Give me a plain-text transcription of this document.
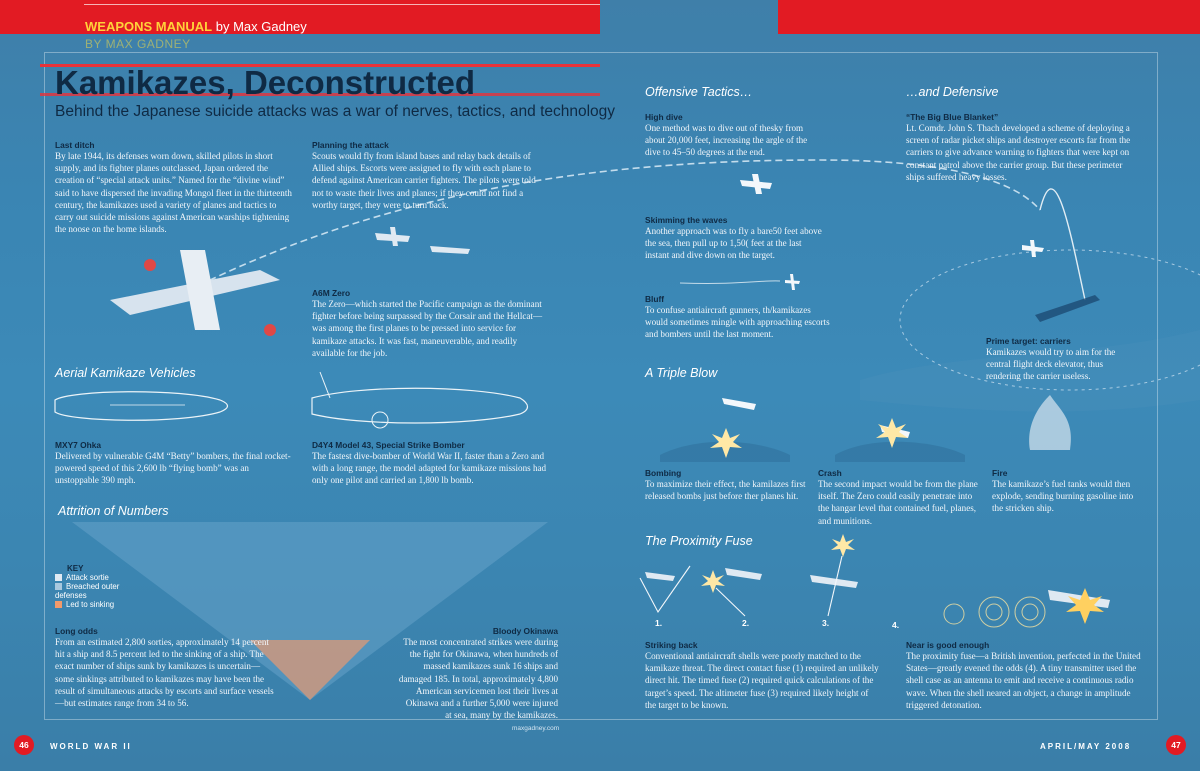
WEAPONS MANUAL by Max Gadney
BY MAX GADNEY
Kamikazes, Deconstructed
Behind the Japanese suicide attacks was a war of nerves, tactics, and technology
Last ditch
By late 1944, its defenses worn down, skilled pilots in short supply, and its fighter planes outclassed, Japan ordered the creation of “special attack units.” Named for the “divine wind” said to have dispersed the invading Mongol fleet in the thirteenth century, the kamikazes used a variety of planes and tactics to carry out suicide missions against American warships tightening the noose on the home islands.
Planning the attack
Scouts would fly from island bases and relay back details of Allied ships. Escorts were assigned to fly with each plane to defend against American carrier fighters. The pilots were told not to waste their lives and planes; if they could not find a worthy target, they were to turn back.
A6M Zero
The Zero—which started the Pacific campaign as the dominant fighter before being surpassed by the Corsair and the Hellcat—was among the first planes to be pressed into service for kamikaze attacks. It was fast, maneuverable, and readily available for the job.
Aerial Kamikaze Vehicles
MXY7 Ohka
Delivered by vulnerable G4M “Betty” bombers, the final rocket-powered speed of this 2,600 lb “flying bomb” was an unstoppable 390 mph.
D4Y4 Model 43, Special Strike Bomber
The fastest dive-bomber of World War II, faster than a Zero and with a long range, the model adapted for kamikaze missions had only one pilot and carried an 1,800 lb bomb.
Attrition of Numbers
KEY
Attack sortie
Breached outer defenses
Led to sinking
Long odds
From an estimated 2,800 sorties, approximately 14 percent hit a ship and 8.5 percent led to the sinking of a ship. The exact number of ships sunk by kamikazes is uncertain—some sinkings attributed to kamikazes may have been the result of simultaneous attacks by escorts and surface vessels—but estimates range from 34 to 56.
Bloody Okinawa
The most concentrated strikes were during the fight for Okinawa, when hundreds of massed kamikazes sunk 16 ships and damaged 185. In total, approximately 4,800 American servicemen lost their lives at Okinawa and a further 5,000 were injured at sea, many by the kamikazes.
Offensive Tactics…
High dive
One method was to dive out of thesky from about 20,000 feet, increasing the argle of the dive to 45–50 degrees at the end.
Skimming the waves
Another approach was to fly a bare50 feet above the sea, then pull up to 1,50( feet at the last instant and dive down on the target.
Bluff
To confuse antiaircraft gunners, th/kamikazes would sometimes mingle with approaching escorts and bombers until the last moment.
…and Defensive
“The Big Blue Blanket”
Lt. Comdr. John S. Thach developed a scheme of deploying a screen of radar picket ships and destroyer escorts far from the carriers to give advance warning to fighters that were kept on constant patrol above the carrier group. But these perimeter ships suffered heavy losses.
Prime target: carriers
Kamikazes would try to aim for the central flight deck elevator, thus rendering the carrier useless.
A Triple Blow
Bombing
To maximize their effect, the kamilazes first released bombs just before ther planes hit.
Crash
The second impact would be from the plane itself. The Zero could easily penetrate into the hangar level that contained fuel, planes, and munitions.
Fire
The kamikaze’s fuel tanks would then explode, sending burning gasoline into the stricken ship.
The Proximity Fuse
1.	2.	3.	4.
Striking back
Conventional antiaircraft shells were poorly matched to the kamikaze threat. The direct contact fuse (1) required an unlikely direct hit. The timed fuse (2) required quick calculations of the target’s speed. The altimeter fuse (3) required likely height of the target to be known.
Near is good enough
The proximity fuse—a British invention, perfected in the United States—greatly evened the odds (4). A tiny transmitter used the shell case as an antenna to emit and receive a continuous radio wave. When the shell neared an object, a change in amplitude triggered detonation.
46	WORLD WAR II
maxgadney.com
APRIL/MAY 2008	47
